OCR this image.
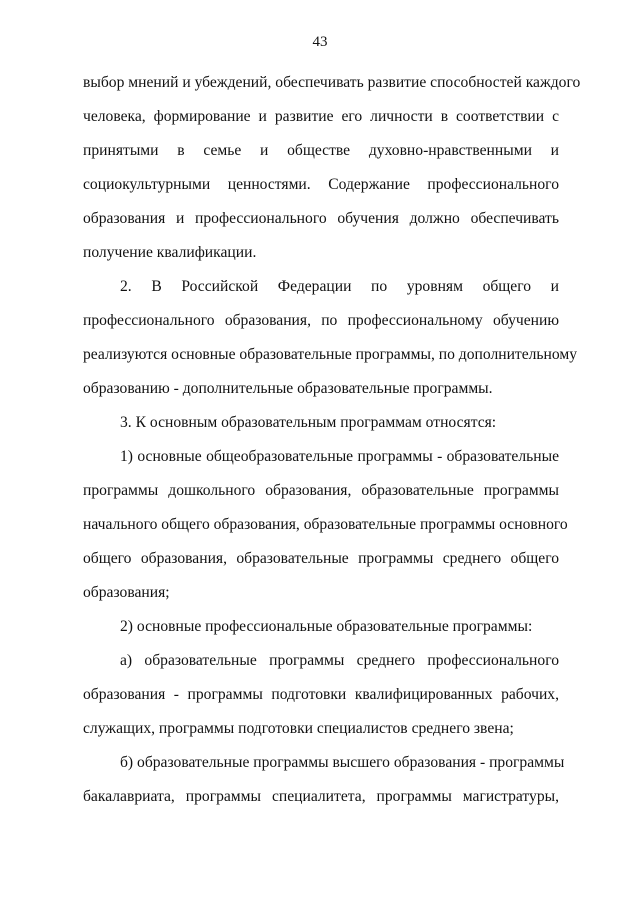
43
выбор мнений и убеждений, обеспечивать развитие способностей каждого
человека, формирование и развитие его личности в соответствии с
принятыми в семье и обществе духовно-нравственными и
социокультурными ценностями. Содержание профессионального
образования и профессионального обучения должно обеспечивать
получение квалификации.
2. В Российской Федерации по уровням общего и
профессионального образования, по профессиональному обучению
реализуются основные образовательные программы, по дополнительному
образованию - дополнительные образовательные программы.
3. К основным образовательным программам относятся:
1) основные общеобразовательные программы - образовательные
программы дошкольного образования, образовательные программы
начального общего образования, образовательные программы основного
общего образования, образовательные программы среднего общего
образования;
2) основные профессиональные образовательные программы:
а) образовательные программы среднего профессионального
образования - программы подготовки квалифицированных рабочих,
служащих, программы подготовки специалистов среднего звена;
б) образовательные программы высшего образования - программы
бакалавриата, программы специалитета, программы магистратуры,
